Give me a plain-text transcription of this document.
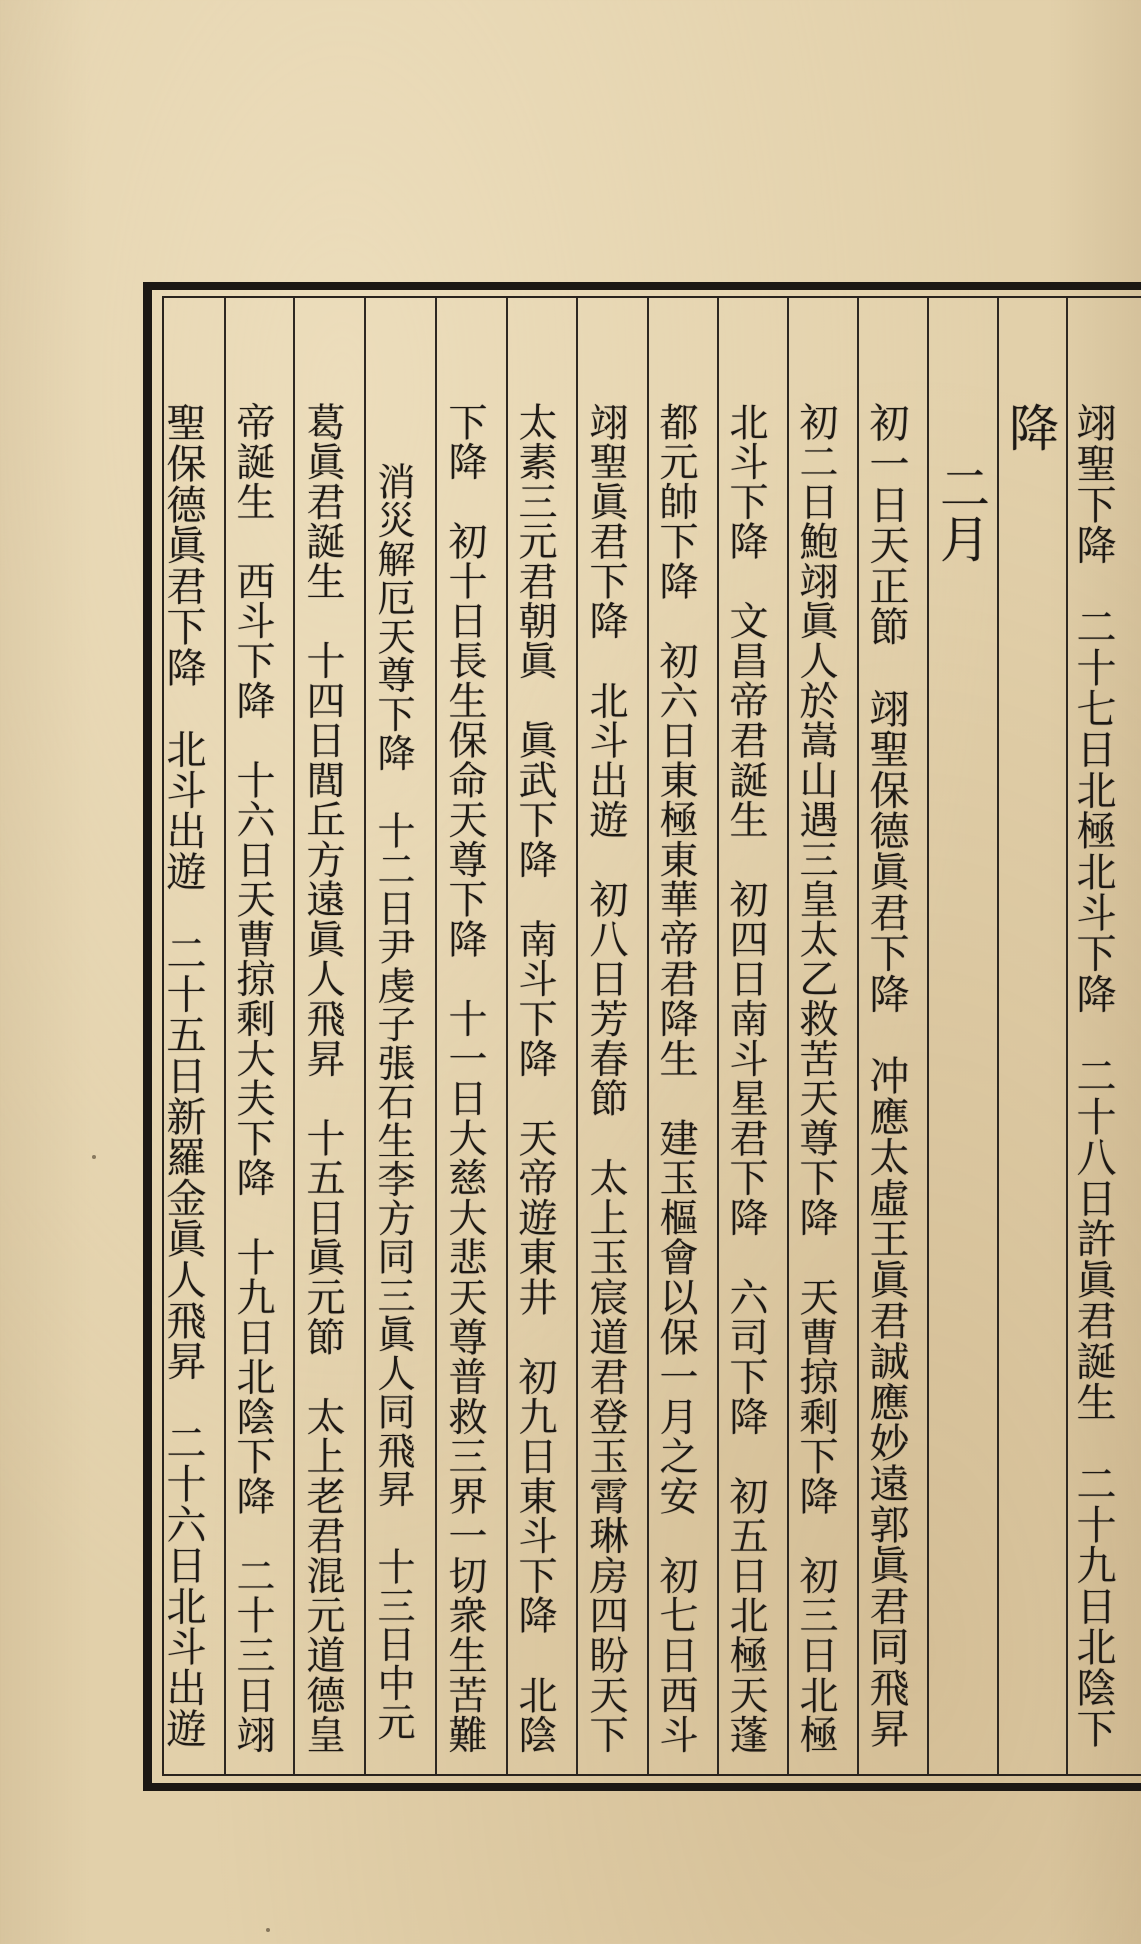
翊聖下降　二十七日北極北斗下降　二十八日許眞君誕生　二十九日北陰下
降
二月
初一日天正節　翊聖保德眞君下降　冲應太虛王眞君誠應妙遠郭眞君同飛昇
初二日鮑翊眞人於嵩山遇三皇太乙救苦天尊下降　天曹掠剩下降　初三日北極
北斗下降　文昌帝君誕生　初四日南斗星君下降　六司下降　初五日北極天蓬
都元帥下降　初六日東極東華帝君降生　建玉樞會以保一月之安　初七日西斗
翊聖眞君下降　北斗出遊　初八日芳春節　太上玉宸道君登玉霄琳房四盼天下
太素三元君朝眞　眞武下降　南斗下降　天帝遊東井　初九日東斗下降　北陰
下降　初十日長生保命天尊下降　十一日大慈大悲天尊普救三界一切衆生苦難
消災解厄天尊下降　十二日尹虔子張石生李方同三眞人同飛昇　十三日中元
葛眞君誕生　十四日閭丘方遠眞人飛昇　十五日眞元節　太上老君混元道德皇
帝誕生　西斗下降　十六日天曹掠剩大夫下降　十九日北陰下降　二十三日翊
聖保德眞君下降　北斗出遊　二十五日新羅金眞人飛昇　二十六日北斗出遊
